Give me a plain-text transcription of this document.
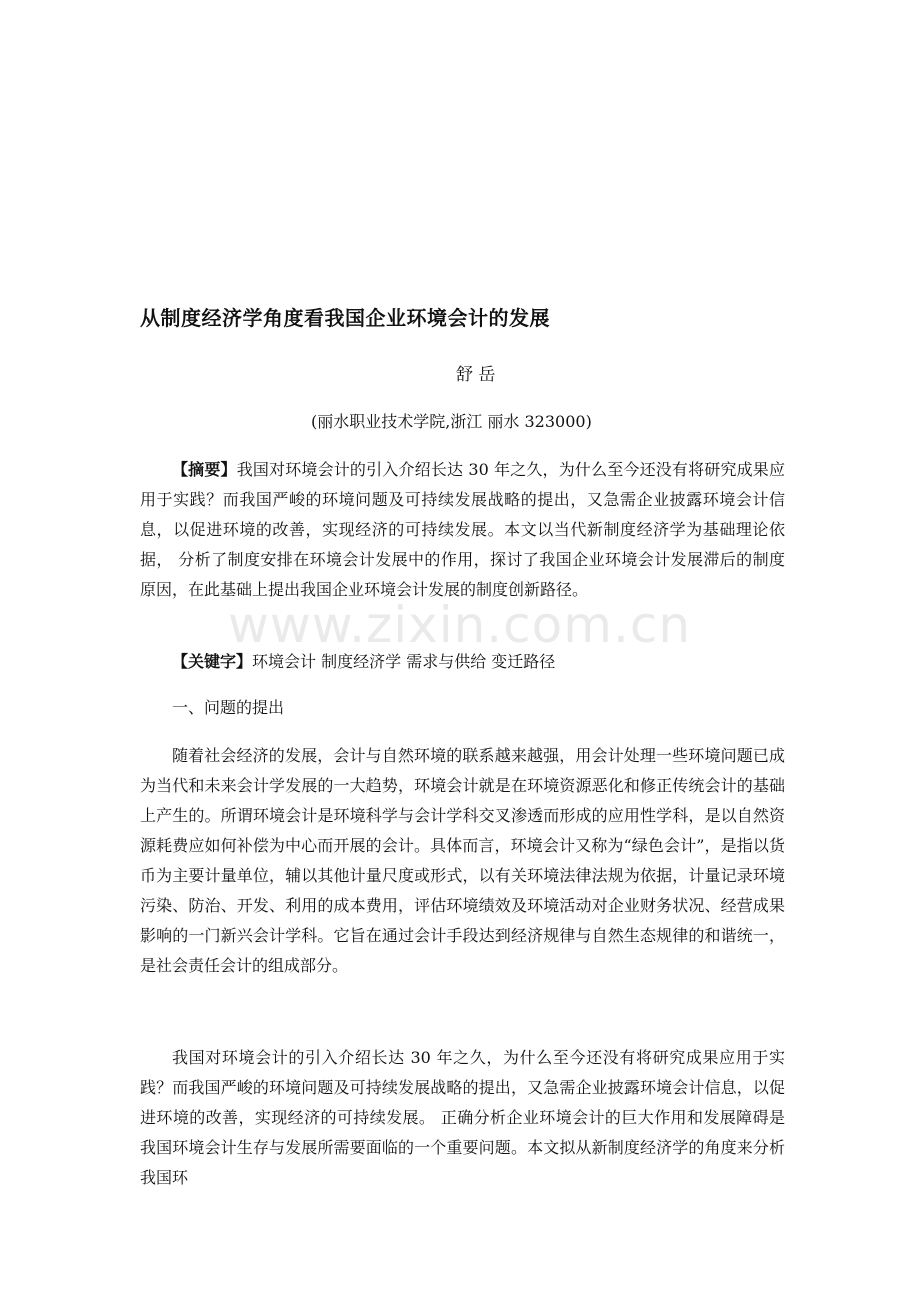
从制度经济学角度看我国企业环境会计的发展
舒 岳
(丽水职业技术学院,浙江 丽水 323000)
【摘要】我国对环境会计的引入介绍长达 30 年之久，为什么至今还没有将研究成果应用于实践？而我国严峻的环境问题及可持续发展战略的提出，又急需企业披露环境会计信息，以促进环境的改善，实现经济的可持续发展。本文以当代新制度经济学为基础理论依据， 分析了制度安排在环境会计发展中的作用，探讨了我国企业环境会计发展滞后的制度原因，在此基础上提出我国企业环境会计发展的制度创新路径。
【关键字】环境会计 制度经济学 需求与供给 变迁路径
一、问题的提出
随着社会经济的发展，会计与自然环境的联系越来越强，用会计处理一些环境问题已成为当代和未来会计学发展的一大趋势，环境会计就是在环境资源恶化和修正传统会计的基础上产生的。所谓环境会计是环境科学与会计学科交叉渗透而形成的应用性学科，是以自然资源耗费应如何补偿为中心而开展的会计。具体而言，环境会计又称为“绿色会计”，是指以货币为主要计量单位，辅以其他计量尺度或形式，以有关环境法律法规为依据，计量记录环境污染、防治、开发、利用的成本费用，评估环境绩效及环境活动对企业财务状况、经营成果影响的一门新兴会计学科。它旨在通过会计手段达到经济规律与自然生态规律的和谐统一，是社会责任会计的组成部分。
我国对环境会计的引入介绍长达 30 年之久，为什么至今还没有将研究成果应用于实践？而我国严峻的环境问题及可持续发展战略的提出，又急需企业披露环境会计信息，以促进环境的改善，实现经济的可持续发展。 正确分析企业环境会计的巨大作用和发展障碍是我国环境会计生存与发展所需要面临的一个重要问题。本文拟从新制度经济学的角度来分析我国环
www.zixin.com.cn
